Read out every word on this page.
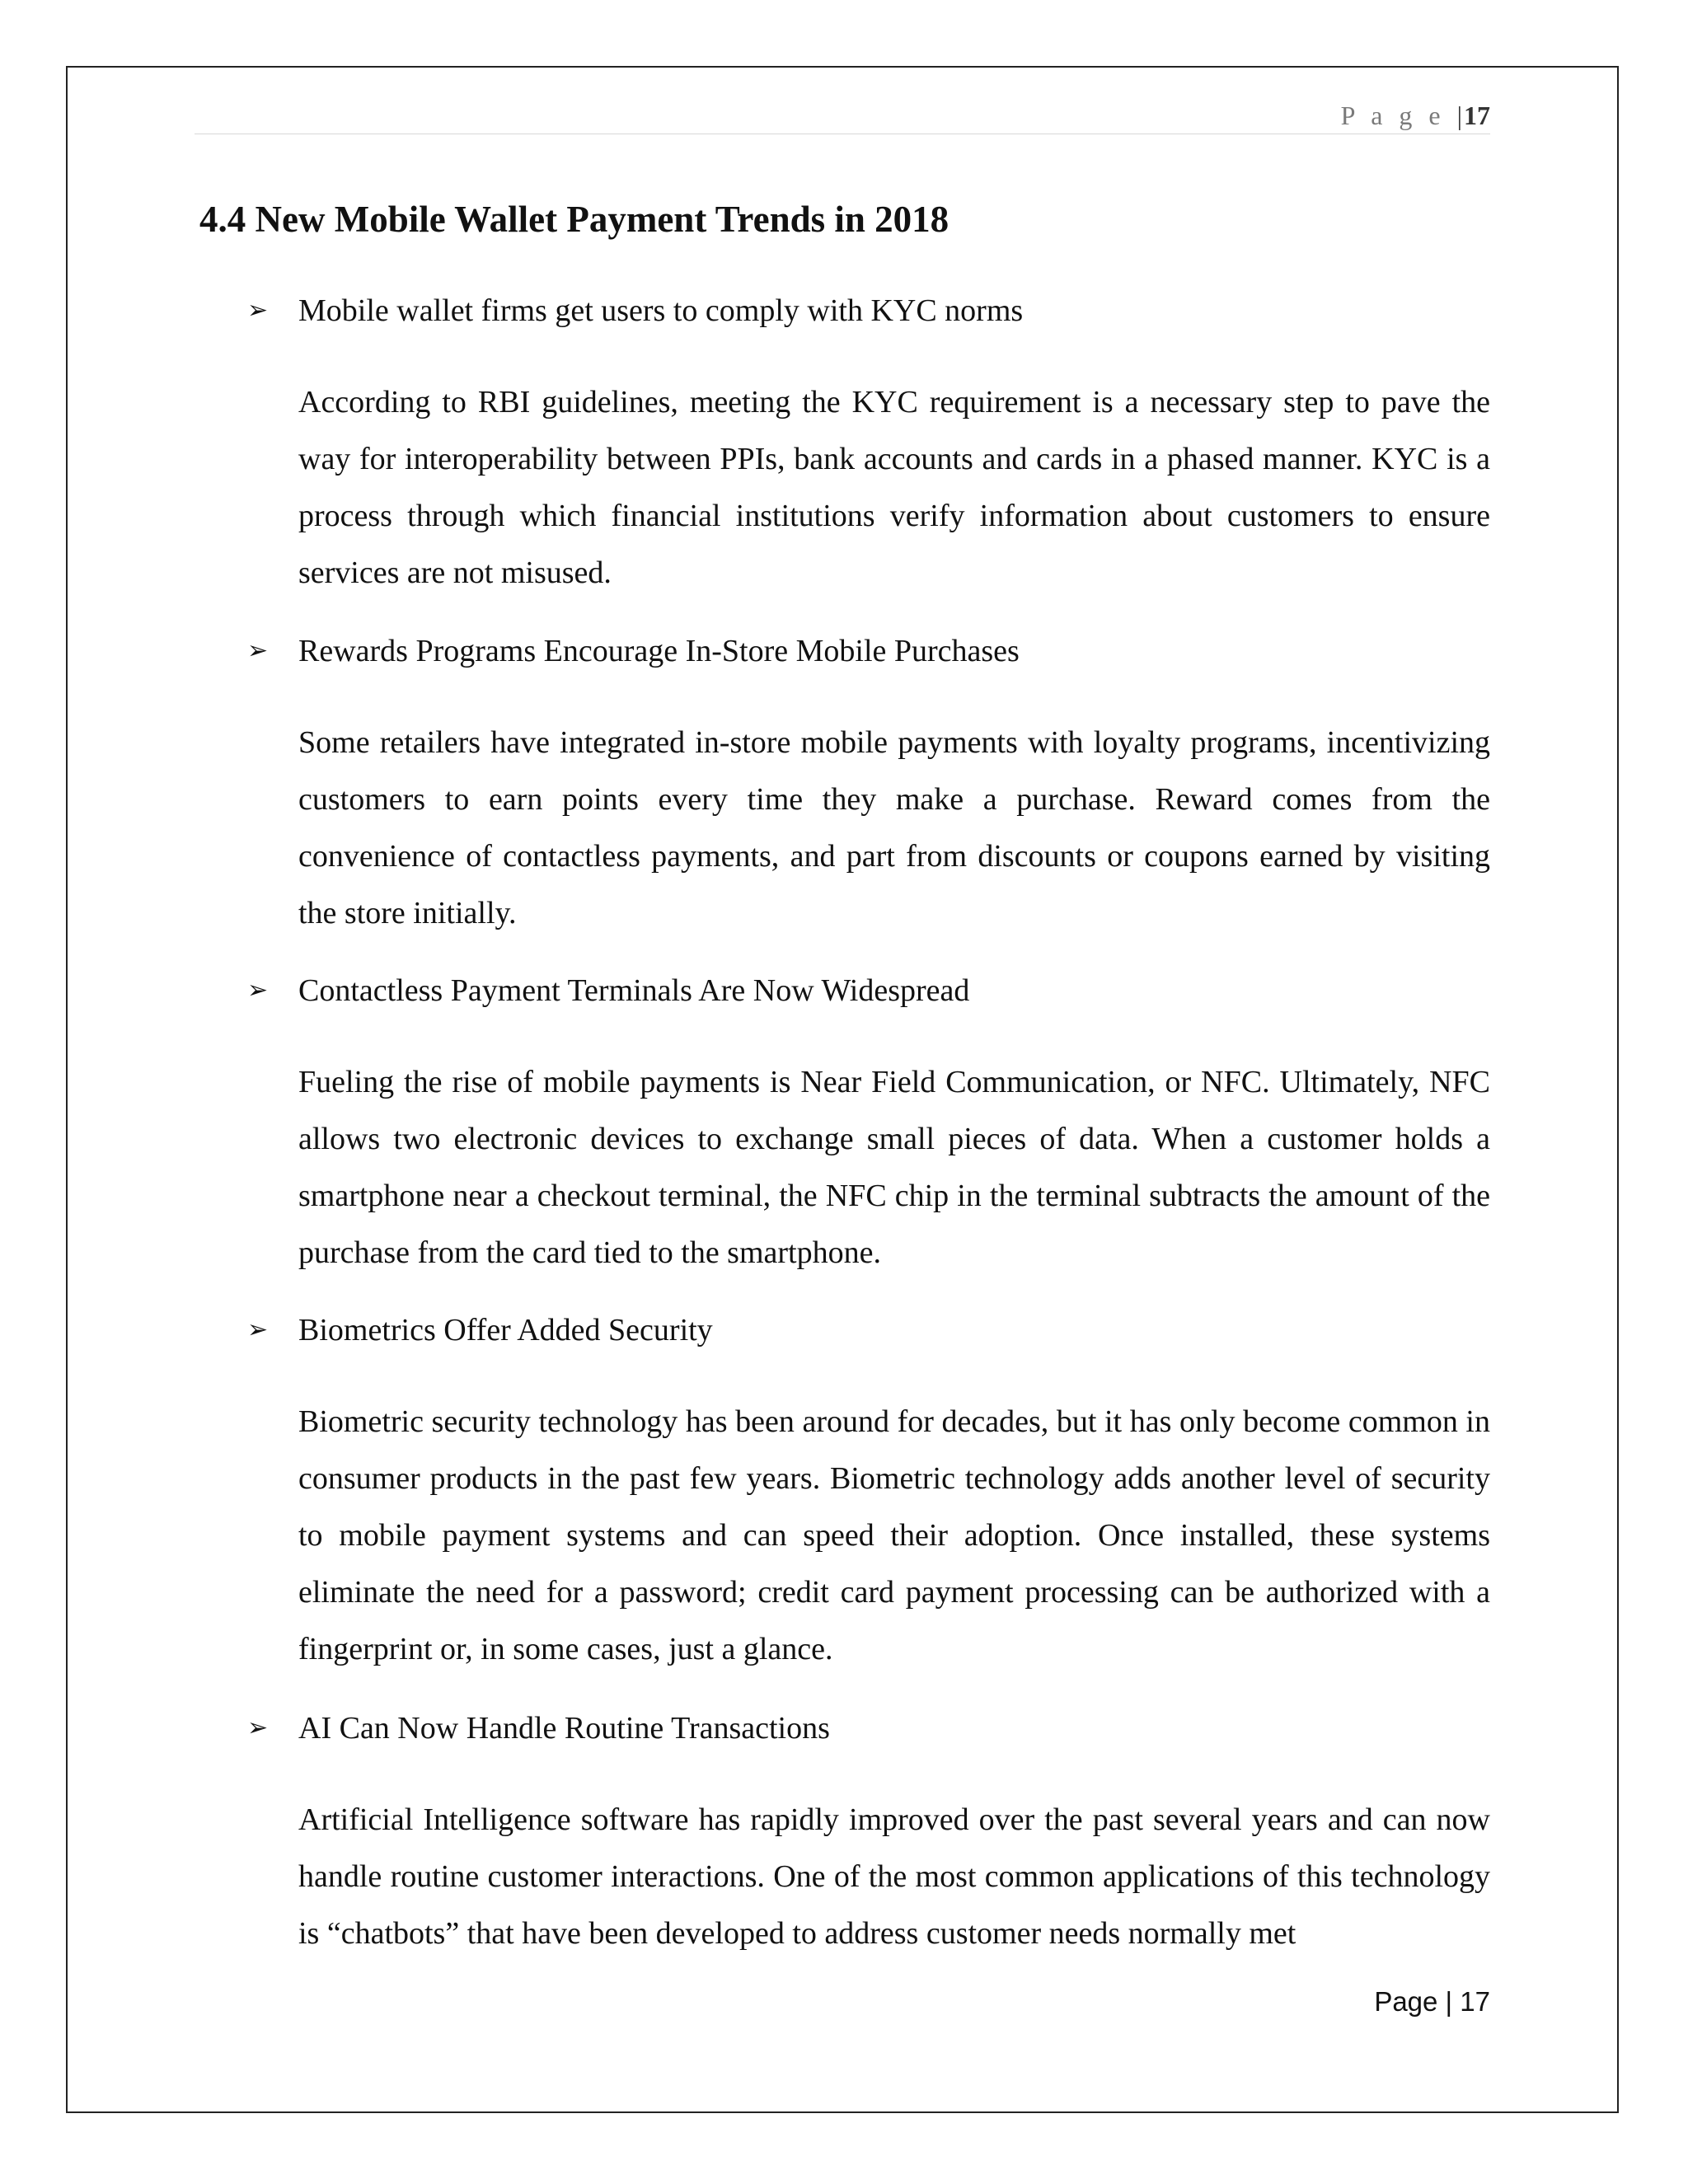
P a g e |17
4.4 New Mobile Wallet Payment Trends in 2018
➢ Mobile wallet firms get users to comply with KYC norms

According to RBI guidelines, meeting the KYC requirement is a necessary step to pave the way for interoperability between PPIs, bank accounts and cards in a phased manner. KYC is a process through which financial institutions verify information about customers to ensure services are not misused.

➢ Rewards Programs Encourage In-Store Mobile Purchases

Some retailers have integrated in-store mobile payments with loyalty programs, incentivizing customers to earn points every time they make a purchase. Reward comes from the convenience of contactless payments, and part from discounts or coupons earned by visiting the store initially.

➢ Contactless Payment Terminals Are Now Widespread

Fueling the rise of mobile payments is Near Field Communication, or NFC. Ultimately, NFC allows two electronic devices to exchange small pieces of data. When a customer holds a smartphone near a checkout terminal, the NFC chip in the terminal subtracts the amount of the purchase from the card tied to the smartphone.

➢ Biometrics Offer Added Security

Biometric security technology has been around for decades, but it has only become common in consumer products in the past few years. Biometric technology adds another level of security to mobile payment systems and can speed their adoption. Once installed, these systems eliminate the need for a password; credit card payment processing can be authorized with a fingerprint or, in some cases, just a glance.

➢ AI Can Now Handle Routine Transactions

Artificial Intelligence software has rapidly improved over the past several years and can now handle routine customer interactions. One of the most common applications of this technology is “chatbots” that have been developed to address customer needs normally met

Page | 17
